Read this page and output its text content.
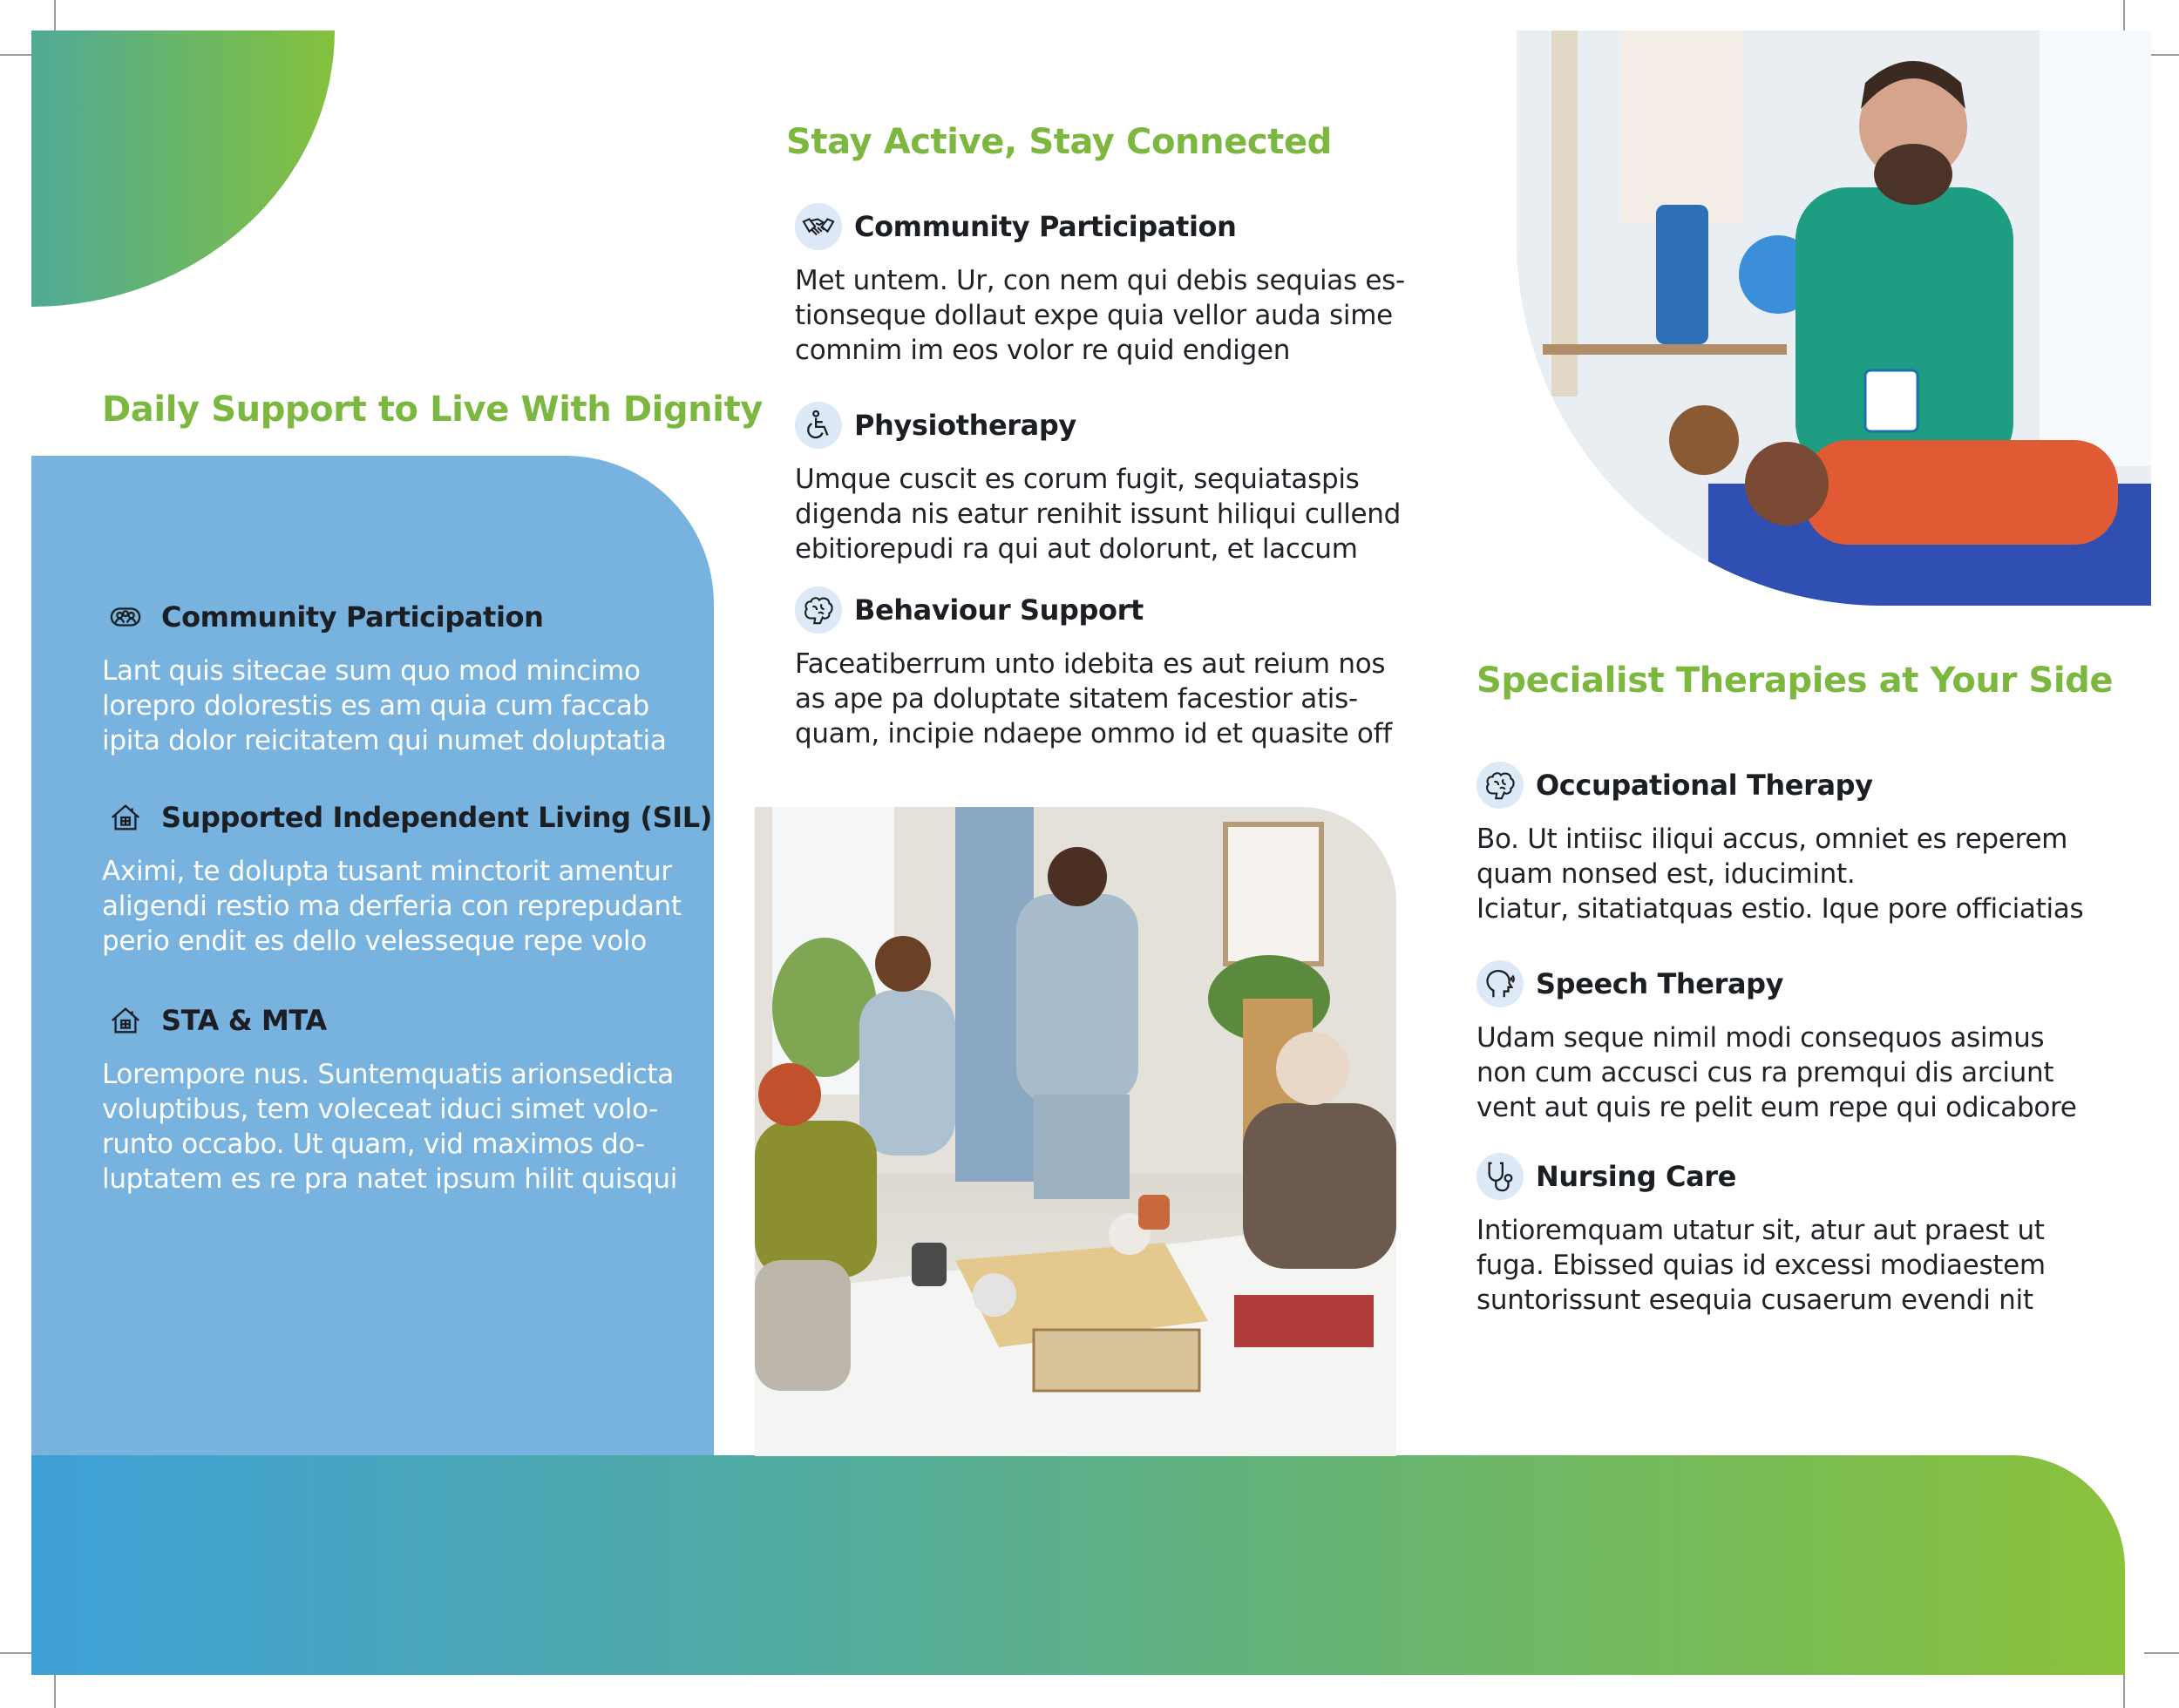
Daily Support to Live With Dignity
Community Participation
Lant quis sitecae sum quo mod mincimo
lorepro dolorestis es am quia cum faccab
ipita dolor reicitatem qui numet doluptatia
Supported Independent Living (SIL)
Aximi, te dolupta tusant minctorit amentur
aligendi restio ma derferia con reprepudant
perio endit es dello velesseque repe volo
STA & MTA
Lorempore nus. Suntemquatis arionsedicta
voluptibus, tem voleceat iduci simet volo-
runto occabo. Ut quam, vid maximos do-
luptatem es re pra natet ipsum hilit quisqui
Stay Active, Stay Connected
Community Participation
Met untem. Ur, con nem qui debis sequias es-
tionseque dollaut expe quia vellor auda sime
comnim im eos volor re quid endigen
Physiotherapy
Umque cuscit es corum fugit, sequiataspis
digenda nis eatur renihit issunt hiliqui cullend
ebitiorepudi ra qui aut dolorunt, et laccum
Behaviour Support
Faceatiberrum unto idebita es aut reium nos
as ape pa doluptate sitatem facestior atis-
quam, incipie ndaepe ommo id et quasite off
Specialist Therapies at Your Side
Occupational Therapy
Bo. Ut intiisc iliqui accus, omniet es reperem
quam nonsed est, iducimint.
Iciatur, sitatiatquas estio. Ique pore officiatias
Speech Therapy
Udam seque nimil modi consequos asimus
non cum accusci cus ra premqui dis arciunt
vent aut quis re pelit eum repe qui odicabore
Nursing Care
Intioremquam utatur sit, atur aut praest ut
fuga. Ebissed quias id excessi modiaestem
suntorissunt esequia cusaerum evendi nit
